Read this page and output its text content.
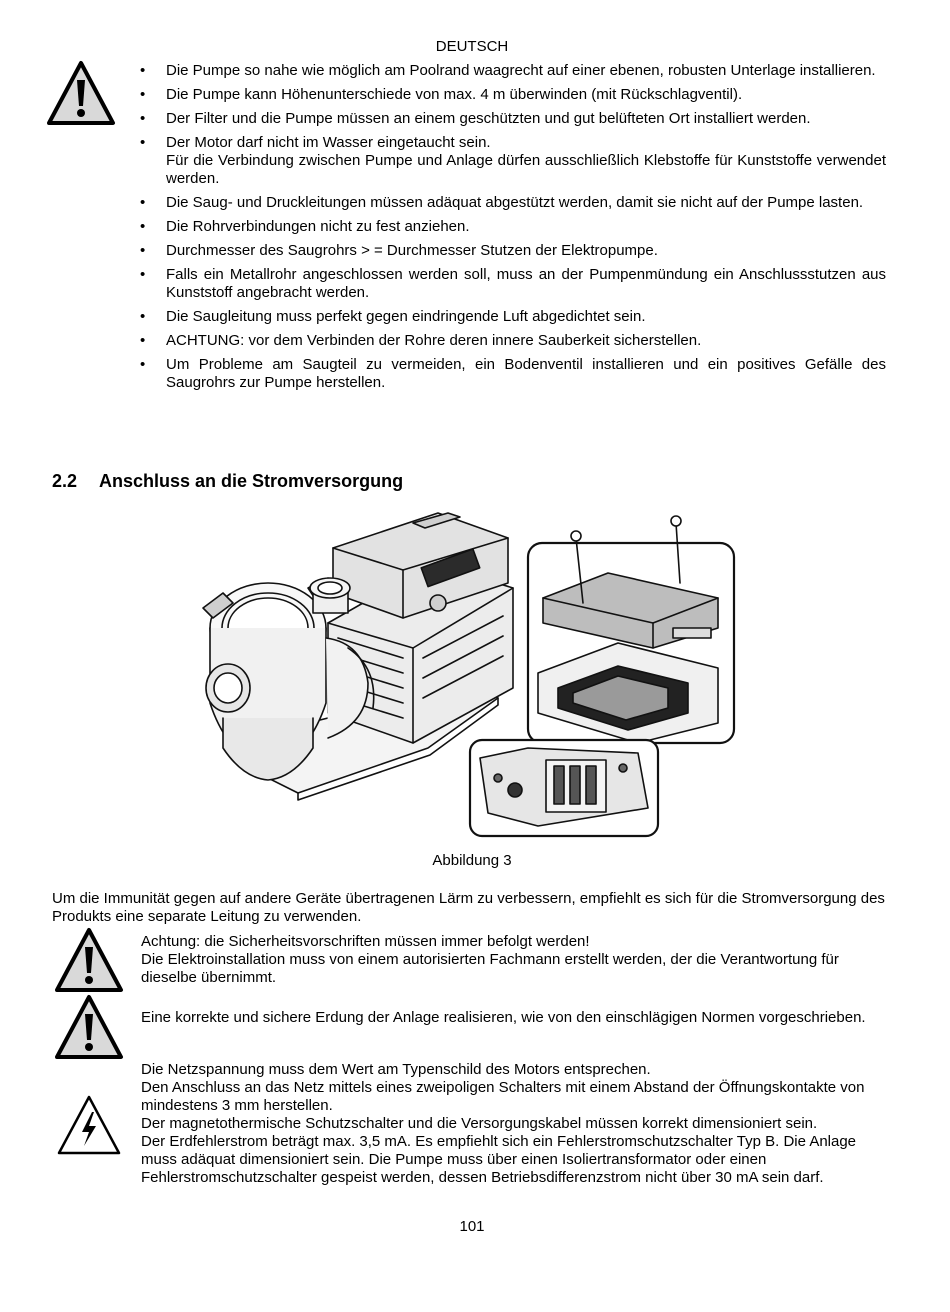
DEUTSCH
• Die Pumpe so nahe wie möglich am Poolrand waagrecht auf einer ebenen, robusten Unterlage installieren.
• Die Pumpe kann Höhenunterschiede von max. 4 m überwinden (mit Rückschlagventil).
• Der Filter und die Pumpe müssen an einem geschützten und gut belüfteten Ort installiert werden.
• Der Motor darf nicht im Wasser eingetaucht sein.
Für die Verbindung zwischen Pumpe und Anlage dürfen ausschließlich Klebstoffe für Kunststoffe verwendet werden.
• Die Saug- und Druckleitungen müssen adäquat abgestützt werden, damit sie nicht auf der Pumpe lasten.
• Die Rohrverbindungen nicht zu fest anziehen.
• Durchmesser des Saugrohrs > = Durchmesser Stutzen der Elektropumpe.
• Falls ein Metallrohr angeschlossen werden soll, muss an der Pumpenmündung ein Anschlussstutzen aus Kunststoff angebracht werden.
• Die Saugleitung muss perfekt gegen eindringende Luft abgedichtet sein.
• ACHTUNG: vor dem Verbinden der Rohre deren innere Sauberkeit sicherstellen.
• Um Probleme am Saugteil zu vermeiden, ein Bodenventil installieren und ein positives Gefälle des Saugrohrs zur Pumpe herstellen.
2.2 Anschluss an die Stromversorgung
Abbildung 3
Um die Immunität gegen auf andere Geräte übertragenen Lärm zu verbessern, empfiehlt es sich für die Stromversorgung des Produkts eine separate Leitung zu verwenden.
Achtung: die Sicherheitsvorschriften müssen immer befolgt werden!
Die Elektroinstallation muss von einem autorisierten Fachmann erstellt werden, der die Verantwortung für dieselbe übernimmt.
Eine korrekte und sichere Erdung der Anlage realisieren, wie von den einschlägigen Normen vorgeschrieben.
Die Netzspannung muss dem Wert am Typenschild des Motors entsprechen.
Den Anschluss an das Netz mittels eines zweipoligen Schalters mit einem Abstand der Öffnungskontakte von mindestens 3 mm herstellen.
Der magnetothermische Schutzschalter und die Versorgungskabel müssen korrekt dimensioniert sein.
Der Erdfehlerstrom beträgt max. 3,5 mA. Es empfiehlt sich ein Fehlerstromschutzschalter Typ B. Die Anlage muss adäquat dimensioniert sein. Die Pumpe muss über einen Isoliertransformator oder einen Fehlerstromschutzschalter gespeist werden, dessen Betriebsdifferenzstrom nicht über 30 mA sein darf.
101
